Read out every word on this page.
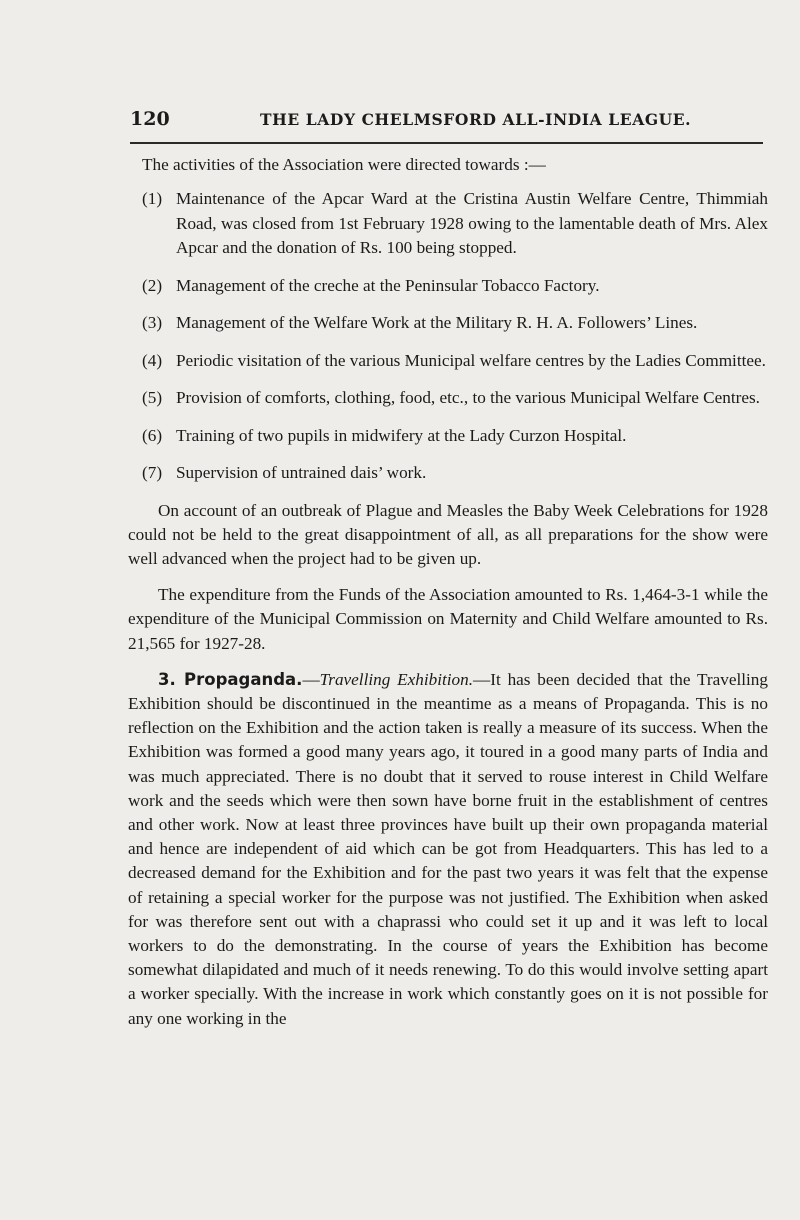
120	THE LADY CHELMSFORD ALL-INDIA LEAGUE.

The activities of the Association were directed towards :—

(1) Maintenance of the Apcar Ward at the Cristina Austin Welfare Centre, Thimmiah Road, was closed from 1st February 1928 owing to the lamentable death of Mrs. Alex Apcar and the donation of Rs. 100 being stopped.
(2) Management of the creche at the Peninsular Tobacco Factory.
(3) Management of the Welfare Work at the Military R. H. A. Followers’ Lines.
(4) Periodic visitation of the various Municipal welfare centres by the Ladies Committee.
(5) Provision of comforts, clothing, food, etc., to the various Municipal Welfare Centres.
(6) Training of two pupils in midwifery at the Lady Curzon Hospital.
(7) Supervision of untrained dais’ work.

On account of an outbreak of Plague and Measles the Baby Week Celebrations for 1928 could not be held to the great disappointment of all, as all preparations for the show were well advanced when the project had to be given up.

The expenditure from the Funds of the Association amounted to Rs. 1,464-3-1 while the expenditure of the Municipal Commission on Maternity and Child Welfare amounted to Rs. 21,565 for 1927-28.

3. Propaganda.—Travelling Exhibition.—It has been decided that the Travelling Exhibition should be discontinued in the meantime as a means of Propaganda. This is no reflection on the Exhibition and the action taken is really a measure of its success. When the Exhibition was formed a good many years ago, it toured in a good many parts of India and was much appreciated. There is no doubt that it served to rouse interest in Child Welfare work and the seeds which were then sown have borne fruit in the establishment of centres and other work. Now at least three provinces have built up their own propaganda material and hence are independent of aid which can be got from Headquarters. This has led to a decreased demand for the Exhibition and for the past two years it was felt that the expense of retaining a special worker for the purpose was not justified. The Exhibition when asked for was therefore sent out with a chaprassi who could set it up and it was left to local workers to do the demonstrating. In the course of years the Exhibition has become somewhat dilapidated and much of it needs renewing. To do this would involve setting apart a worker specially. With the increase in work which constantly goes on it is not possible for any one working in the
